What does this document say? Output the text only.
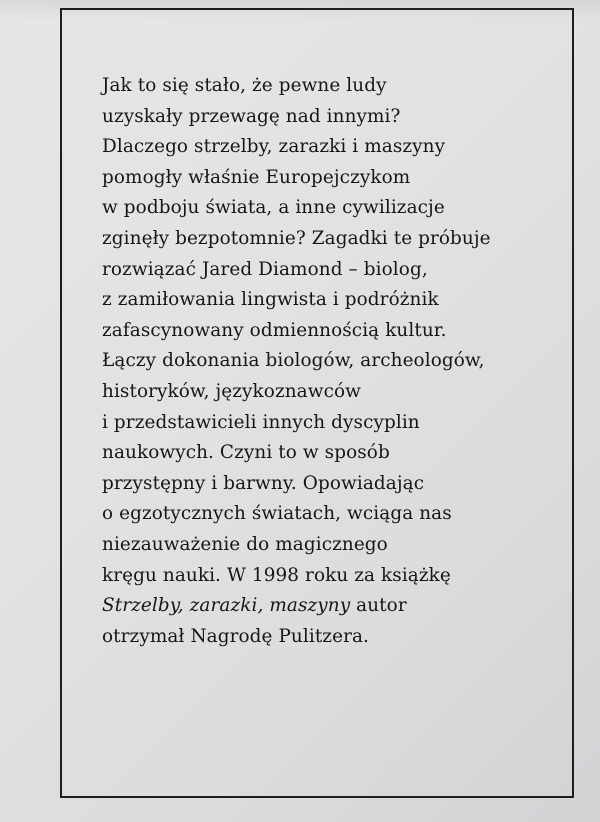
Jak to się stało, że pewne ludy
uzyskały przewagę nad innymi?
Dlaczego strzelby, zarazki i maszyny
pomogły właśnie Europejczykom
w podboju świata, a inne cywilizacje
zginęły bezpotomnie? Zagadki te próbuje
rozwiązać Jared Diamond – biolog,
z zamiłowania lingwista i podróżnik
zafascynowany odmiennością kultur.
Łączy dokonania biologów, archeologów,
historyków, językoznawców
i przedstawicieli innych dyscyplin
naukowych. Czyni to w sposób
przystępny i barwny. Opowiadając
o egzotycznych światach, wciąga nas
niezauważenie do magicznego
kręgu nauki. W 1998 roku za książkę
Strzelby, zarazki, maszyny autor
otrzymał Nagrodę Pulitzera.
